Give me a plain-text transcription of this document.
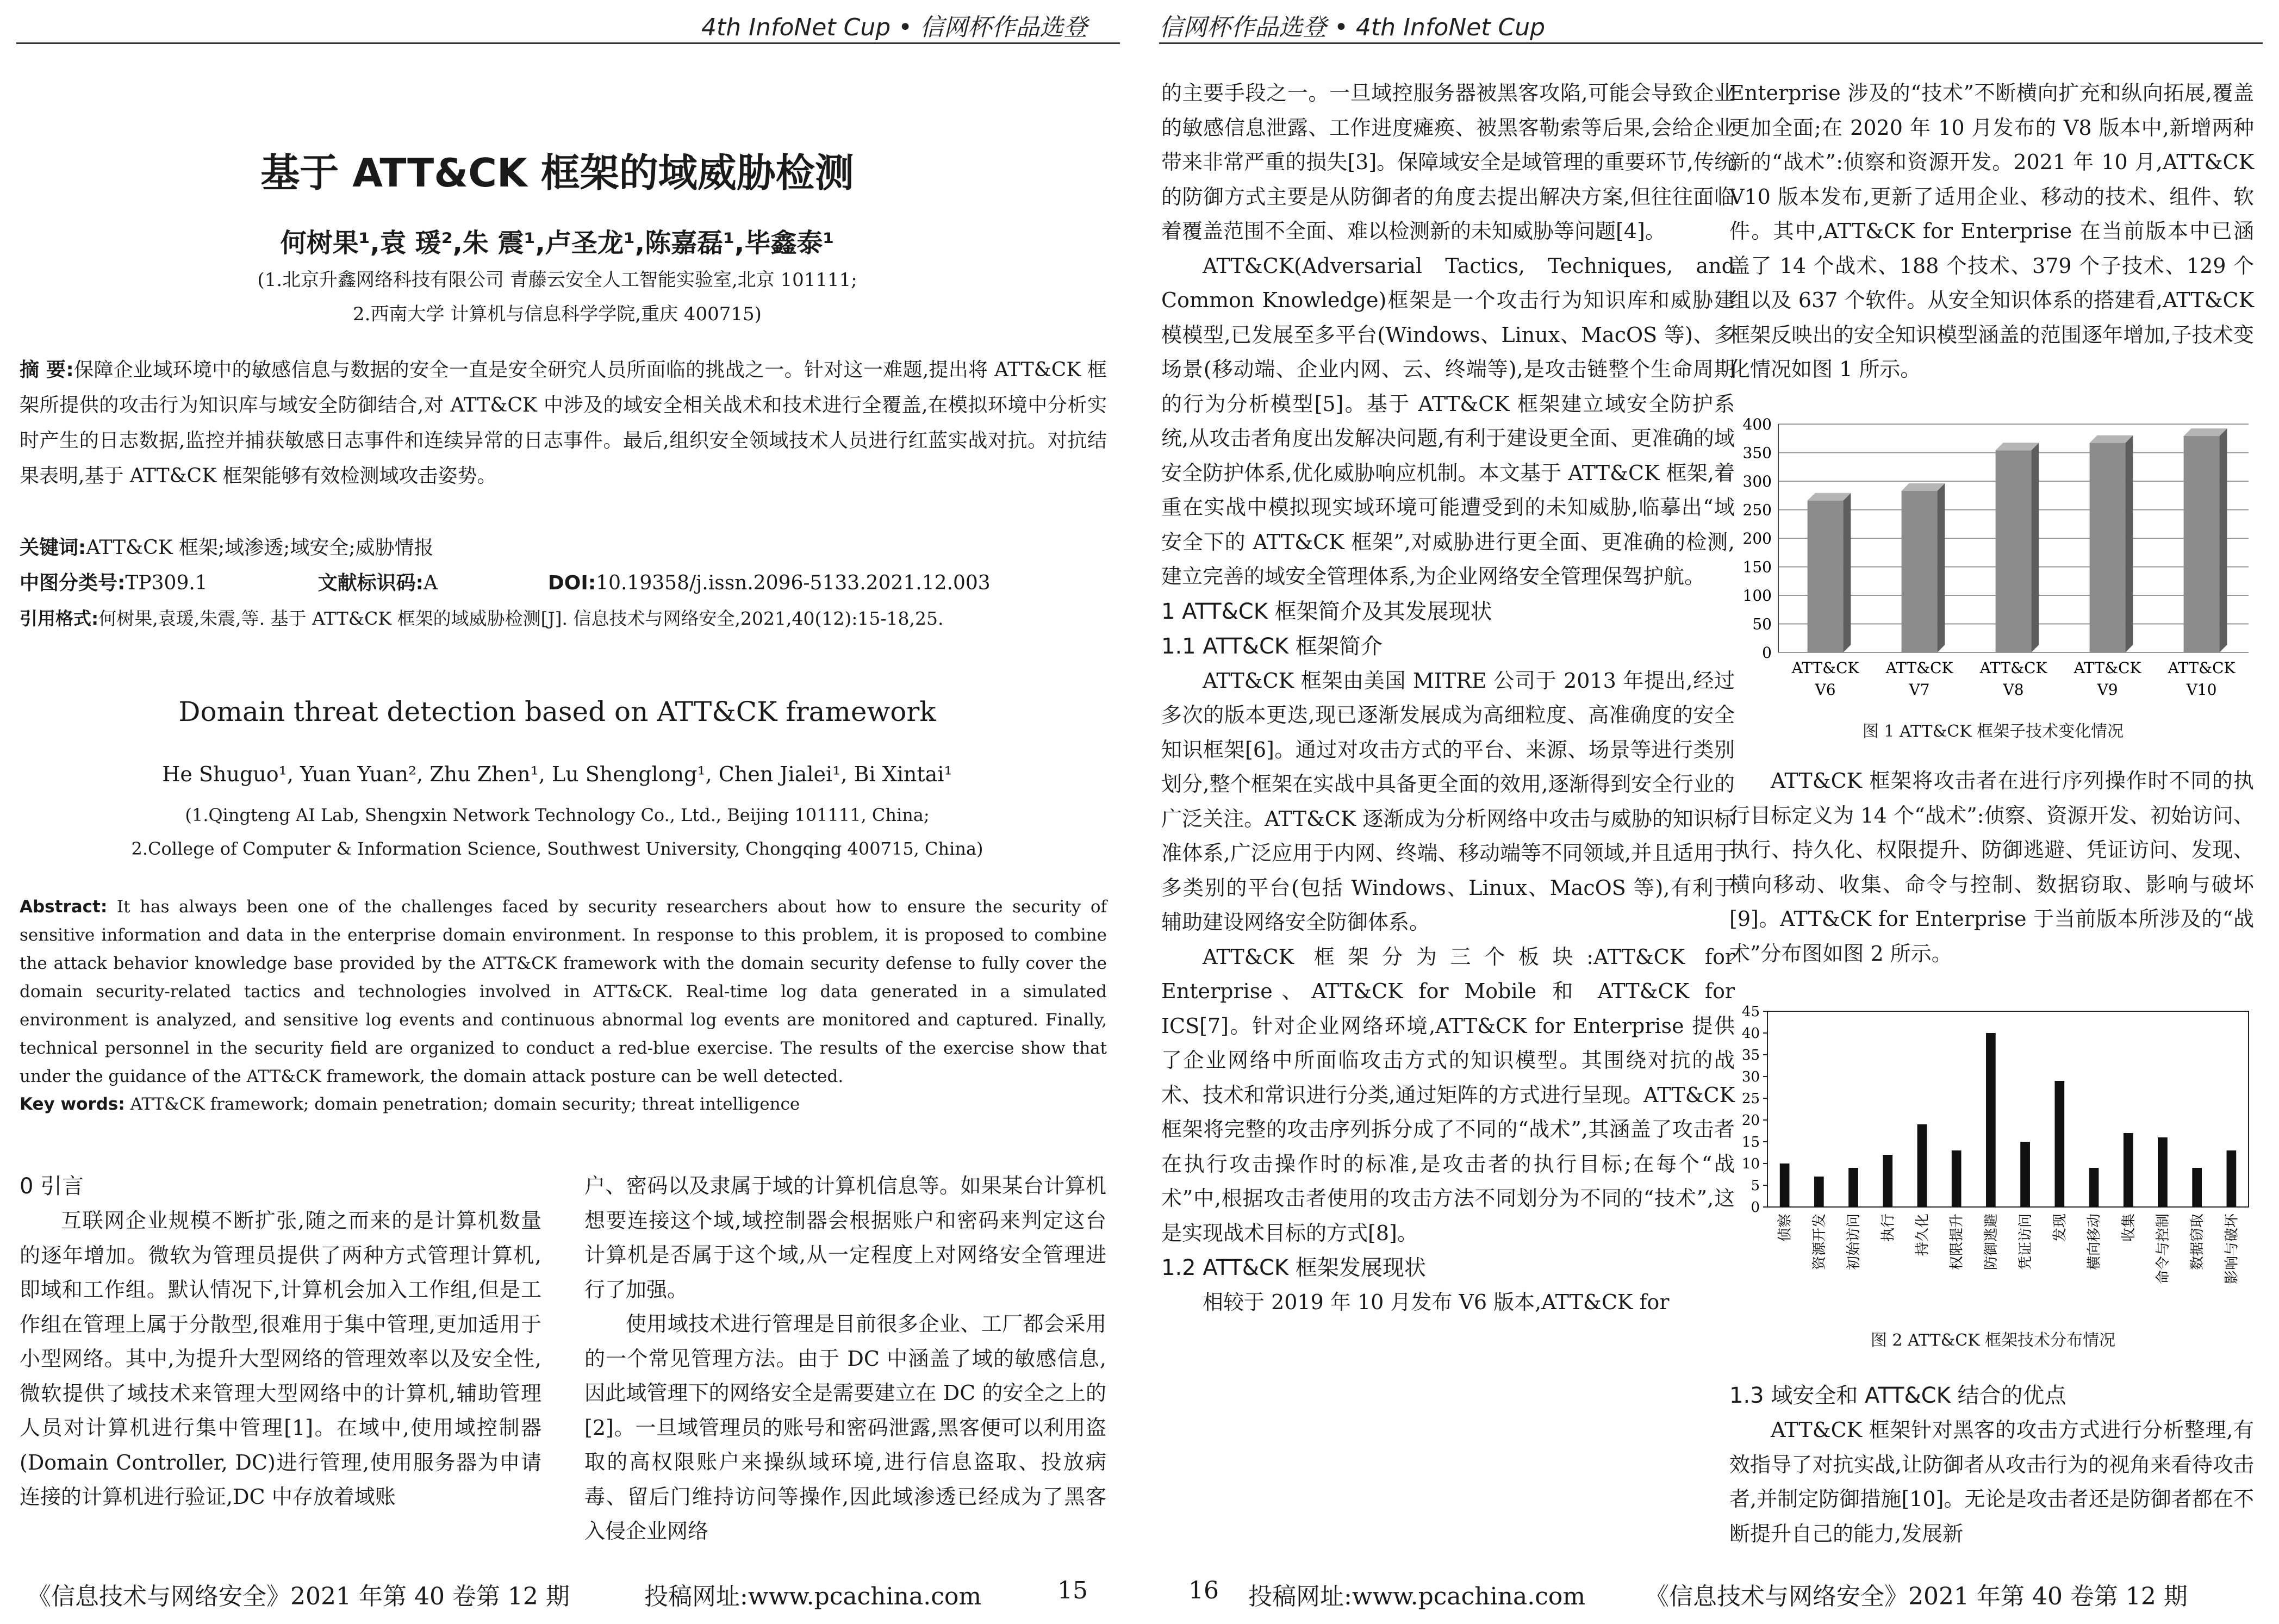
4th InfoNet Cup • 信网杯作品选登
基于 ATT&CK 框架的域威胁检测
何树果¹,袁 瑗²,朱 震¹,卢圣龙¹,陈嘉磊¹,毕鑫泰¹
(1.北京升鑫网络科技有限公司 青藤云安全人工智能实验室,北京 101111;
2.西南大学 计算机与信息科学学院,重庆 400715)
摘 要:保障企业域环境中的敏感信息与数据的安全一直是安全研究人员所面临的挑战之一。针对这一难题,提出将 ATT&CK 框架所提供的攻击行为知识库与域安全防御结合,对 ATT&CK 中涉及的域安全相关战术和技术进行全覆盖,在模拟环境中分析实时产生的日志数据,监控并捕获敏感日志事件和连续异常的日志事件。最后,组织安全领域技术人员进行红蓝实战对抗。对抗结果表明,基于 ATT&CK 框架能够有效检测域攻击姿势。
关键词:ATT&CK 框架;域渗透;域安全;威胁情报
中图分类号:TP309.1	文献标识码:A	DOI:10.19358/j.issn.2096-5133.2021.12.003
引用格式:何树果,袁瑗,朱震,等. 基于 ATT&CK 框架的域威胁检测[J]. 信息技术与网络安全,2021,40(12):15-18,25.
Domain threat detection based on ATT&CK framework
He Shuguo¹, Yuan Yuan², Zhu Zhen¹, Lu Shenglong¹, Chen Jialei¹, Bi Xintai¹
(1.Qingteng AI Lab, Shengxin Network Technology Co., Ltd., Beijing 101111, China;
2.College of Computer & Information Science, Southwest University, Chongqing 400715, China)
Abstract: It has always been one of the challenges faced by security researchers about how to ensure the security of sensitive information and data in the enterprise domain environment. In response to this problem, it is proposed to combine the attack behavior knowledge base provided by the ATT&CK framework with the domain security defense to fully cover the domain security-related tactics and technologies involved in ATT&CK. Real-time log data generated in a simulated environment is analyzed, and sensitive log events and continuous abnormal log events are monitored and captured. Finally, technical personnel in the security field are organized to conduct a red-blue exercise. The results of the exercise show that under the guidance of the ATT&CK framework, the domain attack posture can be well detected.
Key words: ATT&CK framework; domain penetration; domain security; threat intelligence
0 引言

互联网企业规模不断扩张,随之而来的是计算机数量的逐年增加。微软为管理员提供了两种方式管理计算机,即域和工作组。默认情况下,计算机会加入工作组,但是工作组在管理上属于分散型,很难用于集中管理,更加适用于小型网络。其中,为提升大型网络的管理效率以及安全性,微软提供了域技术来管理大型网络中的计算机,辅助管理人员对计算机进行集中管理[1]。在域中,使用域控制器(Domain Controller, DC)进行管理,使用服务器为申请连接的计算机进行验证,DC 中存放着域账

户、密码以及隶属于域的计算机信息等。如果某台计算机想要连接这个域,域控制器会根据账户和密码来判定这台计算机是否属于这个域,从一定程度上对网络安全管理进行了加强。

使用域技术进行管理是目前很多企业、工厂都会采用的一个常见管理方法。由于 DC 中涵盖了域的敏感信息,因此域管理下的网络安全是需要建立在 DC 的安全之上的[2]。一旦域管理员的账号和密码泄露,黑客便可以利用盗取的高权限账户来操纵域环境,进行信息盗取、投放病毒、留后门维持访问等操作,因此域渗透已经成为了黑客入侵企业网络

《信息技术与网络安全》2021 年第 40 卷第 12 期	投稿网址:www.pcachina.com	15
信网杯作品选登 • 4th InfoNet Cup

的主要手段之一。一旦域控服务器被黑客攻陷,可能会导致企业的敏感信息泄露、工作进度瘫痪、被黑客勒索等后果,会给企业带来非常严重的损失[3]。保障域安全是域管理的重要环节,传统的防御方式主要是从防御者的角度去提出解决方案,但往往面临着覆盖范围不全面、难以检测新的未知威胁等问题[4]。

ATT&CK(Adversarial Tactics, Techniques, and Common Knowledge)框架是一个攻击行为知识库和威胁建模模型,已发展至多平台(Windows、Linux、MacOS 等)、多场景(移动端、企业内网、云、终端等),是攻击链整个生命周期的行为分析模型[5]。基于 ATT&CK 框架建立域安全防护系统,从攻击者角度出发解决问题,有利于建设更全面、更准确的域安全防护体系,优化威胁响应机制。本文基于 ATT&CK 框架,着重在实战中模拟现实域环境可能遭受到的未知威胁,临摹出“域安全下的 ATT&CK 框架”,对威胁进行更全面、更准确的检测,建立完善的域安全管理体系,为企业网络安全管理保驾护航。

1 ATT&CK 框架简介及其发展现状
1.1 ATT&CK 框架简介

ATT&CK 框架由美国 MITRE 公司于 2013 年提出,经过多次的版本更迭,现已逐渐发展成为高细粒度、高准确度的安全知识框架[6]。通过对攻击方式的平台、来源、场景等进行类别划分,整个框架在实战中具备更全面的效用,逐渐得到安全行业的广泛关注。ATT&CK 逐渐成为分析网络中攻击与威胁的知识标准体系,广泛应用于内网、终端、移动端等不同领域,并且适用于多类别的平台(包括 Windows、Linux、MacOS 等),有利于辅助建设网络安全防御体系。

ATT&CK 框架分为三个板块:ATT&CK for Enterprise、ATT&CK for Mobile 和 ATT&CK for ICS[7]。针对企业网络环境,ATT&CK for Enterprise 提供了企业网络中所面临攻击方式的知识模型。其围绕对抗的战术、技术和常识进行分类,通过矩阵的方式进行呈现。ATT&CK 框架将完整的攻击序列拆分成了不同的“战术”,其涵盖了攻击者在执行攻击操作时的标准,是攻击者的执行目标;在每个“战术”中,根据攻击者使用的攻击方法不同划分为不同的“技术”,这是实现战术目标的方式[8]。

1.2 ATT&CK 框架发展现状

相较于 2019 年 10 月发布 V6 版本,ATT&CK for

Enterprise 涉及的“技术”不断横向扩充和纵向拓展,覆盖更加全面;在 2020 年 10 月发布的 V8 版本中,新增两种新的“战术”:侦察和资源开发。2021 年 10 月,ATT&CK V10 版本发布,更新了适用企业、移动的技术、组件、软件。其中,ATT&CK for Enterprise 在当前版本中已涵盖了 14 个战术、188 个技术、379 个子技术、129 个组以及 637 个软件。从安全知识体系的搭建看,ATT&CK 框架反映出的安全知识模型涵盖的范围逐年增加,子技术变化情况如图 1 所示。

0
50
100
150
200
250
300
350
400
ATT&CK
V6
ATT&CK
V7
ATT&CK
V8
ATT&CK
V9
ATT&CK
V10
图 1 ATT&CK 框架子技术变化情况

ATT&CK 框架将攻击者在进行序列操作时不同的执行目标定义为 14 个“战术”:侦察、资源开发、初始访问、执行、持久化、权限提升、防御逃避、凭证访问、发现、横向移动、收集、命令与控制、数据窃取、影响与破坏[9]。ATT&CK for Enterprise 于当前版本所涉及的“战术”分布图如图 2 所示。

0
5
10
15
20
25
30
35
40
45
侦察 资源开发 初始访问 执行 持久化 权限提升 防御逃避 凭证访问 发现 横向移动 收集 命令与控制 数据窃取 影响与破坏
图 2 ATT&CK 框架技术分布情况
1.3 域安全和 ATT&CK 结合的优点

ATT&CK 框架针对黑客的攻击方式进行分析整理,有效指导了对抗实战,让防御者从攻击行为的视角来看待攻击者,并制定防御措施[10]。无论是攻击者还是防御者都在不断提升自己的能力,发展新

16 投稿网址:www.pcachina.com 《信息技术与网络安全》2021 年第 40 卷第 12 期
